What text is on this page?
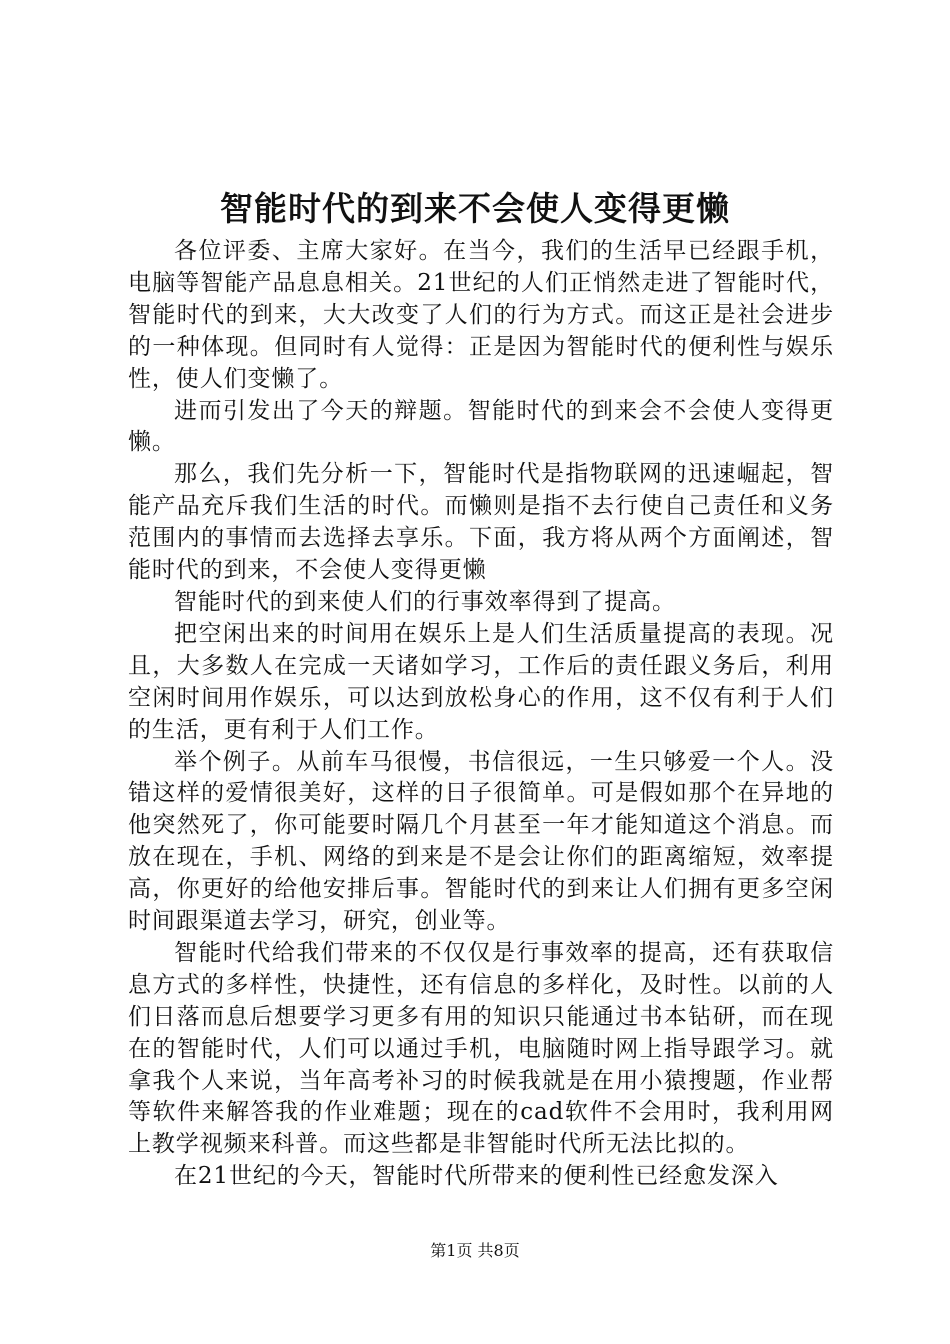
智能时代的到来不会使人变得更懒

各位评委、主席大家好。在当今，我们的生活早已经跟手机，电脑等智能产品息息相关。21世纪的人们正悄然走进了智能时代，智能时代的到来，大大改变了人们的行为方式。而这正是社会进步的一种体现。但同时有人觉得：正是因为智能时代的便利性与娱乐性，使人们变懒了。

进而引发出了今天的辩题。智能时代的到来会不会使人变得更懒。

那么，我们先分析一下，智能时代是指物联网的迅速崛起，智能产品充斥我们生活的时代。而懒则是指不去行使自己责任和义务范围内的事情而去选择去享乐。下面，我方将从两个方面阐述，智能时代的到来，不会使人变得更懒

智能时代的到来使人们的行事效率得到了提高。

把空闲出来的时间用在娱乐上是人们生活质量提高的表现。况且，大多数人在完成一天诸如学习，工作后的责任跟义务后，利用空闲时间用作娱乐，可以达到放松身心的作用，这不仅有利于人们的生活，更有利于人们工作。

举个例子。从前车马很慢，书信很远，一生只够爱一个人。没错这样的爱情很美好，这样的日子很简单。可是假如那个在异地的他突然死了，你可能要时隔几个月甚至一年才能知道这个消息。而放在现在，手机、网络的到来是不是会让你们的距离缩短，效率提高，你更好的给他安排后事。智能时代的到来让人们拥有更多空闲时间跟渠道去学习，研究，创业等。

智能时代给我们带来的不仅仅是行事效率的提高，还有获取信息方式的多样性，快捷性，还有信息的多样化，及时性。以前的人们日落而息后想要学习更多有用的知识只能通过书本钻研，而在现在的智能时代，人们可以通过手机，电脑随时网上指导跟学习。就拿我个人来说，当年高考补习的时候我就是在用小猿搜题，作业帮等软件来解答我的作业难题；现在的cad软件不会用时，我利用网上教学视频来科普。而这些都是非智能时代所无法比拟的。

在21世纪的今天，智能时代所带来的便利性已经愈发深入

第1页 共8页
